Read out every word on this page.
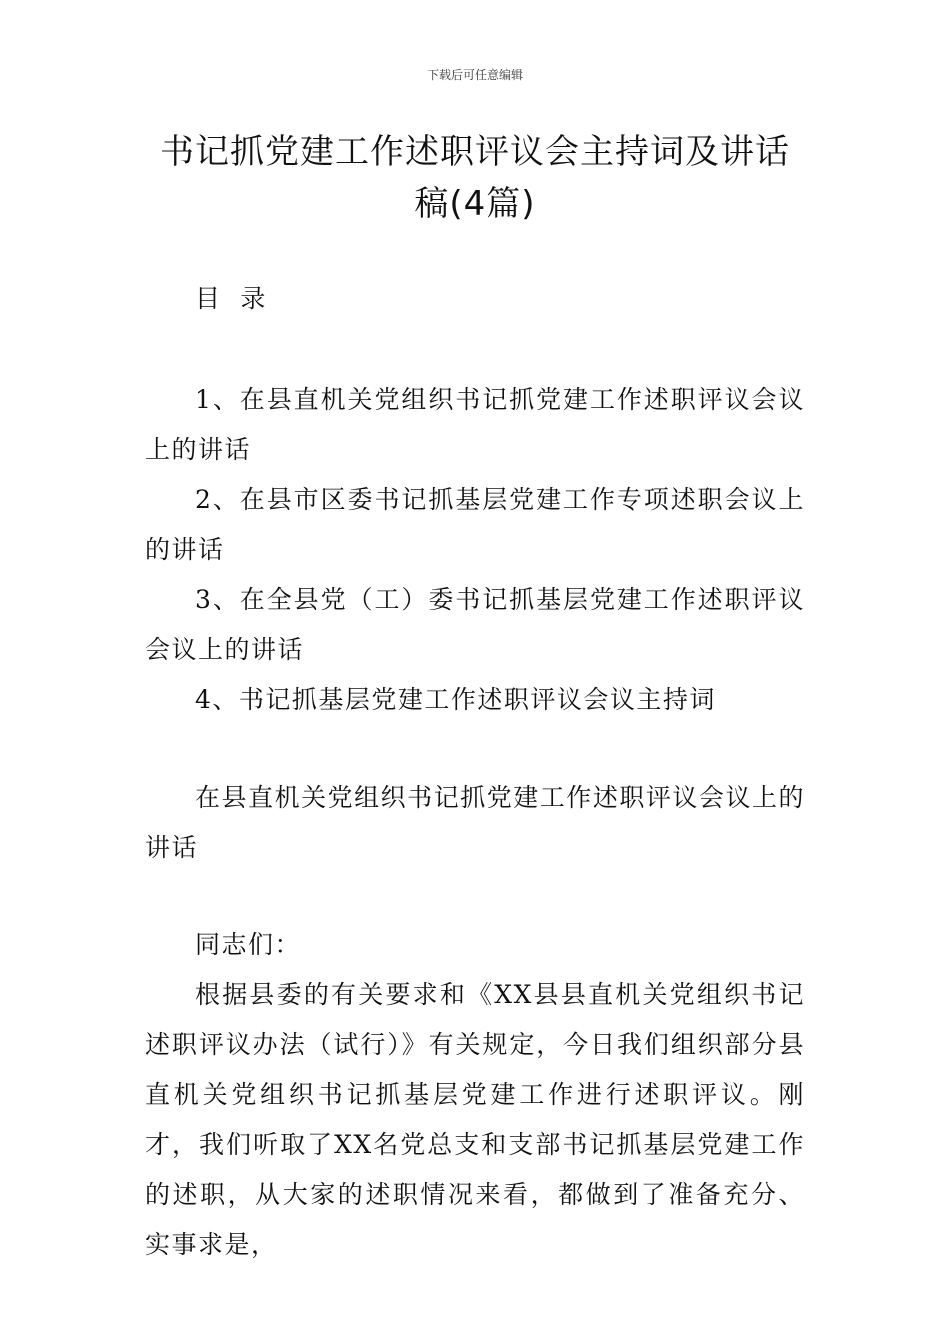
下载后可任意编辑
书记抓党建工作述职评议会主持词及讲话稿(4篇)
目  录

1、在县直机关党组织书记抓党建工作述职评议会议上的讲话

2、在县市区委书记抓基层党建工作专项述职会议上的讲话

3、在全县党（工）委书记抓基层党建工作述职评议会议上的讲话

4、书记抓基层党建工作述职评议会议主持词

在县直机关党组织书记抓党建工作述职评议会议上的讲话

同志们：

根据县委的有关要求和《XX县县直机关党组织书记述职评议办法（试行）》有关规定，今日我们组织部分县直机关党组织书记抓基层党建工作进行述职评议。刚才，我们听取了XX名党总支和支部书记抓基层党建工作的述职，从大家的述职情况来看，都做到了准备充分、实事求是，
